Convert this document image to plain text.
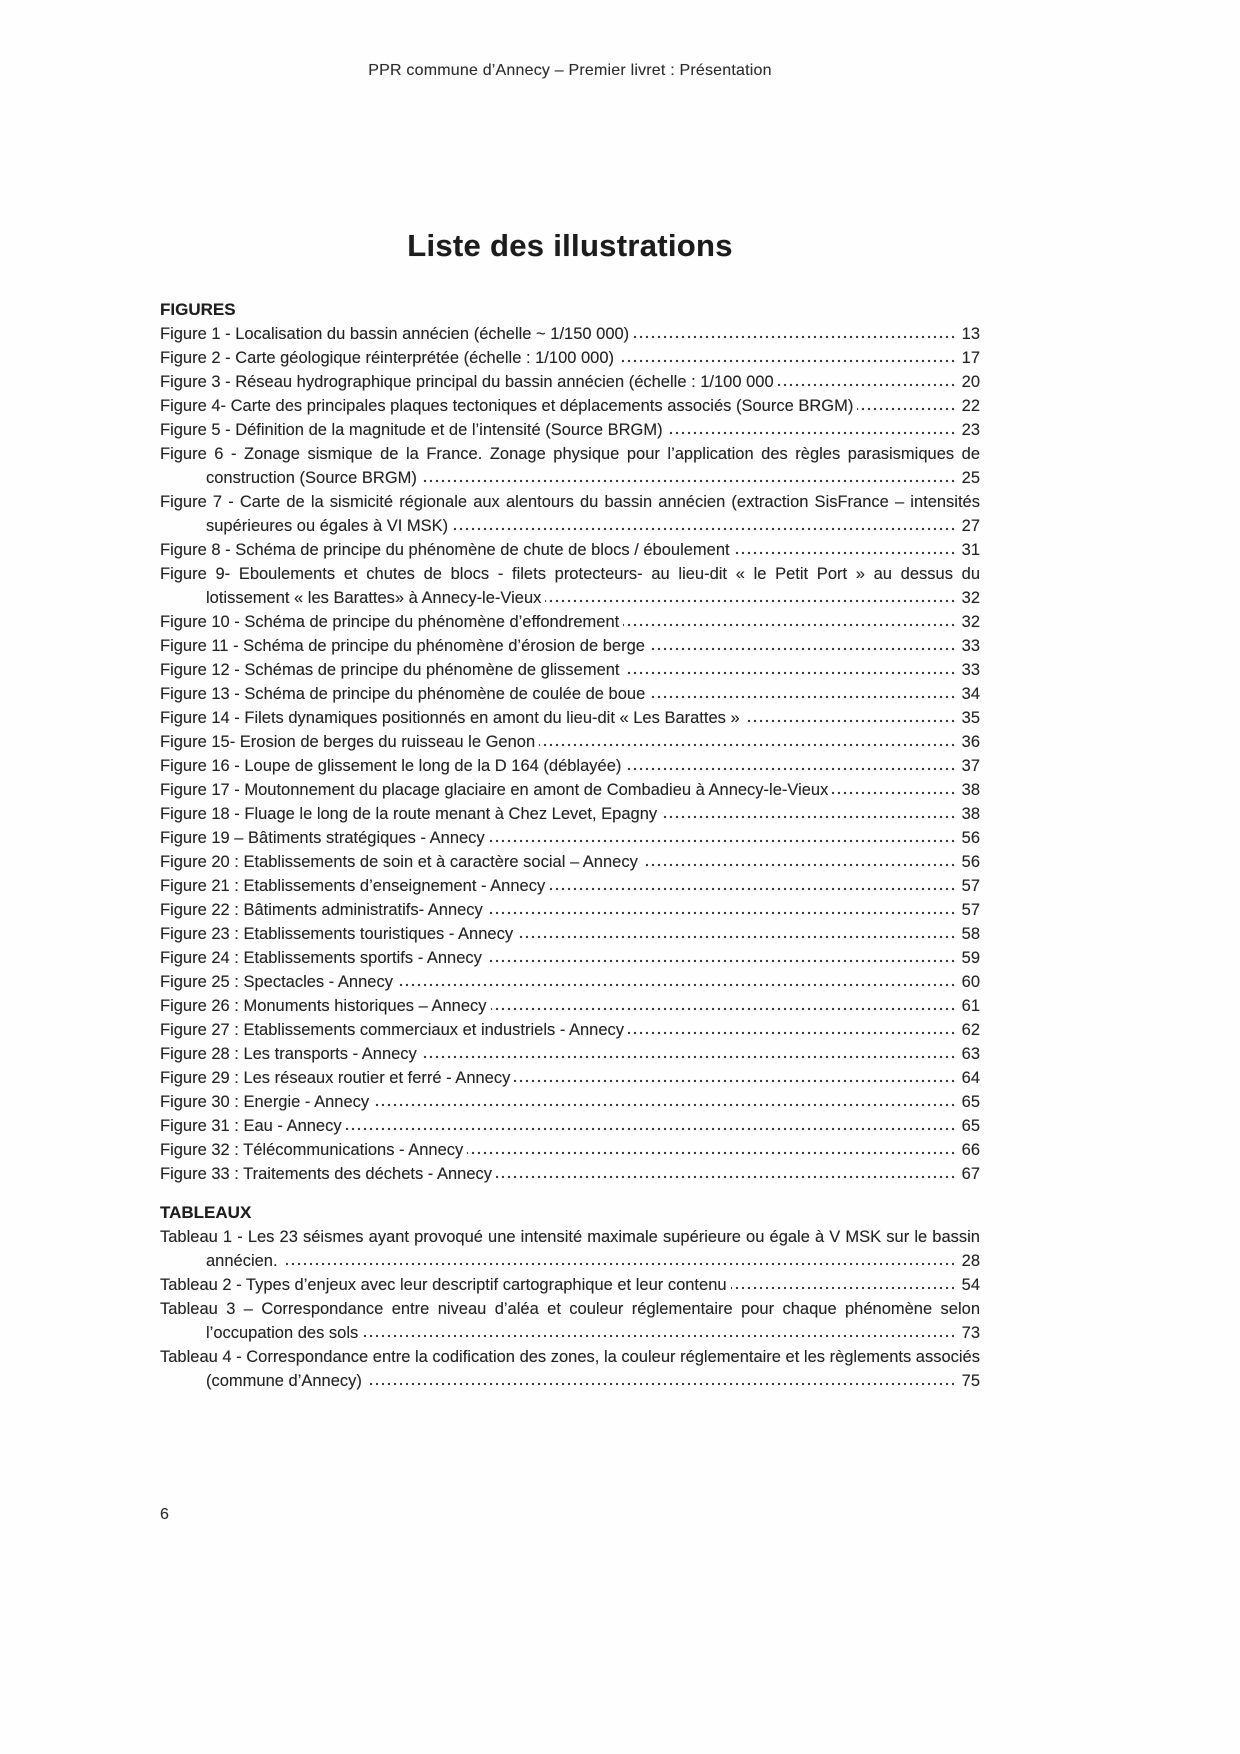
PPR commune d’Annecy – Premier livret : Présentation
Liste des illustrations
FIGURES
Figure 1 - Localisation du bassin annécien (échelle ~ 1/150 000)	13
Figure 2 - Carte géologique réinterprétée (échelle : 1/100 000)	17
Figure 3 - Réseau hydrographique principal du bassin annécien (échelle : 1/100 000	20
Figure 4- Carte des principales plaques tectoniques et déplacements associés (Source BRGM)	22
Figure 5 - Définition de la magnitude et de l’intensité (Source BRGM)	23
Figure 6 - Zonage sismique de la France. Zonage physique pour l’application des règles parasismiques de construction (Source BRGM)	25
Figure 7 - Carte de la sismicité régionale aux alentours du bassin annécien (extraction SisFrance – intensités supérieures ou égales à VI MSK)	27
Figure 8 - Schéma de principe du phénomène de chute de blocs / éboulement	31
Figure 9- Eboulements et chutes de blocs - filets protecteurs- au lieu-dit « le Petit Port » au dessus du lotissement « les Barattes» à Annecy-le-Vieux	32
Figure 10 - Schéma de principe du phénomène d’effondrement	32
Figure 11 - Schéma de principe du phénomène d’érosion de berge	33
Figure 12 - Schémas de principe du phénomène de glissement	33
Figure 13 - Schéma de principe du phénomène de coulée de boue	34
Figure 14 - Filets dynamiques positionnés en amont du lieu-dit « Les Barattes »	35
Figure 15- Erosion de berges du ruisseau le Genon	36
Figure 16 - Loupe de glissement le long de la D 164 (déblayée)	37
Figure 17 - Moutonnement du placage glaciaire en amont de Combadieu à Annecy-le-Vieux	38
Figure 18 - Fluage le long de la route menant à Chez Levet, Epagny	38
Figure 19 – Bâtiments stratégiques - Annecy	56
Figure 20 : Etablissements de soin et à caractère social – Annecy	56
Figure 21 : Etablissements d’enseignement - Annecy	57
Figure 22 : Bâtiments administratifs- Annecy	57
Figure 23 : Etablissements touristiques - Annecy	58
Figure 24 : Etablissements sportifs - Annecy	59
Figure 25 : Spectacles - Annecy	60
Figure 26 : Monuments historiques – Annecy	61
Figure 27 : Etablissements commerciaux et industriels - Annecy	62
Figure 28 : Les transports - Annecy	63
Figure 29 : Les réseaux routier et ferré - Annecy	64
Figure 30 : Energie - Annecy	65
Figure 31 : Eau - Annecy	65
Figure 32 : Télécommunications - Annecy	66
Figure 33 : Traitements des déchets - Annecy	67
TABLEAUX
Tableau 1 - Les 23 séismes ayant provoqué une intensité maximale supérieure ou égale à V MSK sur le bassin annécien.	28
Tableau 2 - Types d’enjeux avec leur descriptif cartographique et leur contenu	54
Tableau 3 – Correspondance entre niveau d’aléa et couleur réglementaire pour chaque phénomène selon l’occupation des sols	73
Tableau 4 - Correspondance entre la codification des zones, la couleur réglementaire et les règlements associés (commune d’Annecy)	75
6
